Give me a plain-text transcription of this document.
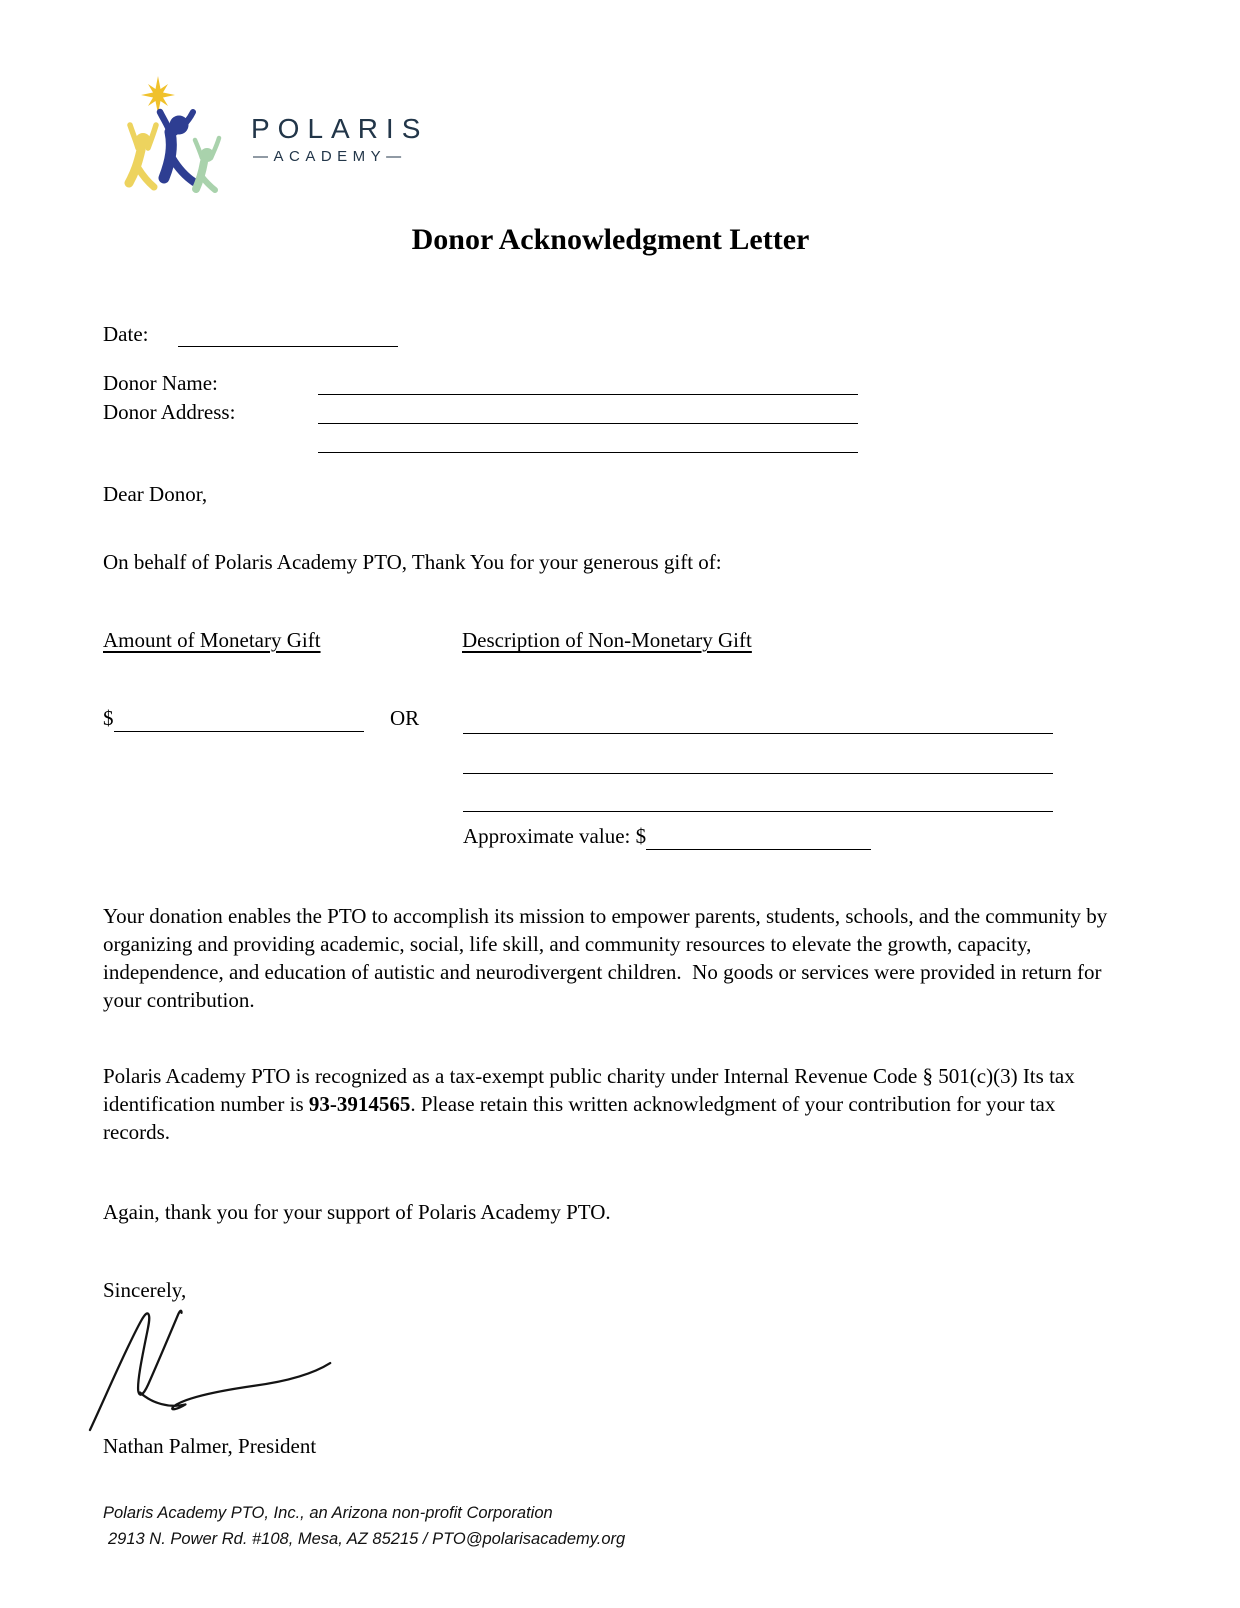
POLARIS
—ACADEMY—
Donor Acknowledgment Letter
Date:
Donor Name:
Donor Address:

Dear Donor,

On behalf of Polaris Academy PTO, Thank You for your generous gift of:

Amount of Monetary Gift	Description of Non-Monetary Gift
$	OR
Approximate value: $

Your donation enables the PTO to accomplish its mission to empower parents, students, schools, and the community by organizing and providing academic, social, life skill, and community resources to elevate the growth, capacity, independence, and education of autistic and neurodivergent children.  No goods or services were provided in return for your contribution.

Polaris Academy PTO is recognized as a tax-exempt public charity under Internal Revenue Code § 501(c)(3) Its tax identification number is 93-3914565. Please retain this written acknowledgment of your contribution for your tax records.

Again, thank you for your support of Polaris Academy PTO.

Sincerely,

Nathan Palmer, President

Polaris Academy PTO, Inc., an Arizona non-profit Corporation
2913 N. Power Rd. #108, Mesa, AZ 85215 / PTO@polarisacademy.org
